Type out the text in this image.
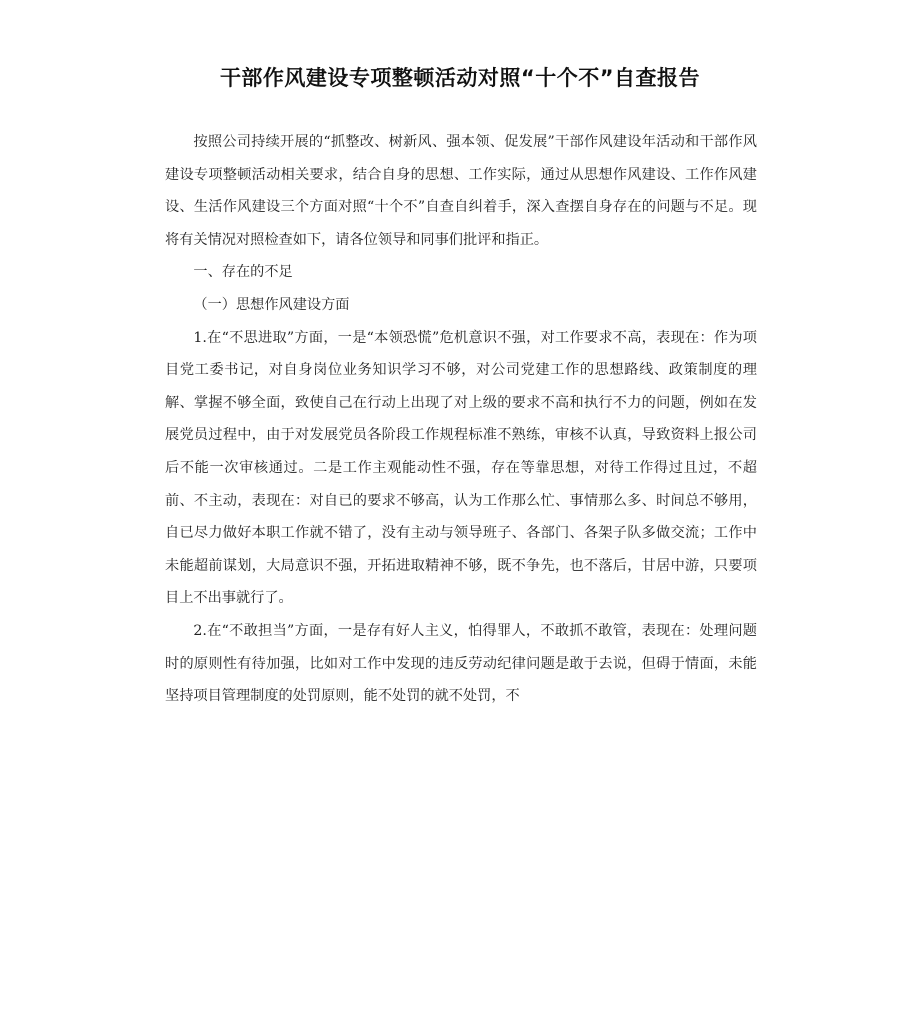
干部作风建设专项整顿活动对照“十个不”自查报告

按照公司持续开展的“抓整改、树新风、强本领、促发展”干部作风建设年活动和干部作风建设专项整顿活动相关要求，结合自身的思想、工作实际，通过从思想作风建设、工作作风建设、生活作风建设三个方面对照“十个不”自查自纠着手，深入查摆自身存在的问题与不足。现将有关情况对照检查如下，请各位领导和同事们批评和指正。

一、存在的不足

（一）思想作风建设方面

1.在“不思进取”方面，一是“本领恐慌”危机意识不强，对工作要求不高，表现在：作为项目党工委书记，对自身岗位业务知识学习不够，对公司党建工作的思想路线、政策制度的理解、掌握不够全面，致使自己在行动上出现了对上级的要求不高和执行不力的问题，例如在发展党员过程中，由于对发展党员各阶段工作规程标准不熟练，审核不认真，导致资料上报公司后不能一次审核通过。二是工作主观能动性不强，存在等靠思想，对待工作得过且过，不超前、不主动，表现在：对自已的要求不够高，认为工作那么忙、事情那么多、时间总不够用，自已尽力做好本职工作就不错了，没有主动与领导班子、各部门、各架子队多做交流；工作中未能超前谋划，大局意识不强，开拓进取精神不够，既不争先，也不落后，甘居中游，只要项目上不出事就行了。

2.在“不敢担当”方面，一是存有好人主义，怕得罪人，不敢抓不敢管，表现在：处理问题时的原则性有待加强，比如对工作中发现的违反劳动纪律问题是敢于去说，但碍于情面，未能坚持项目管理制度的处罚原则，能不处罚的就不处罚，不
